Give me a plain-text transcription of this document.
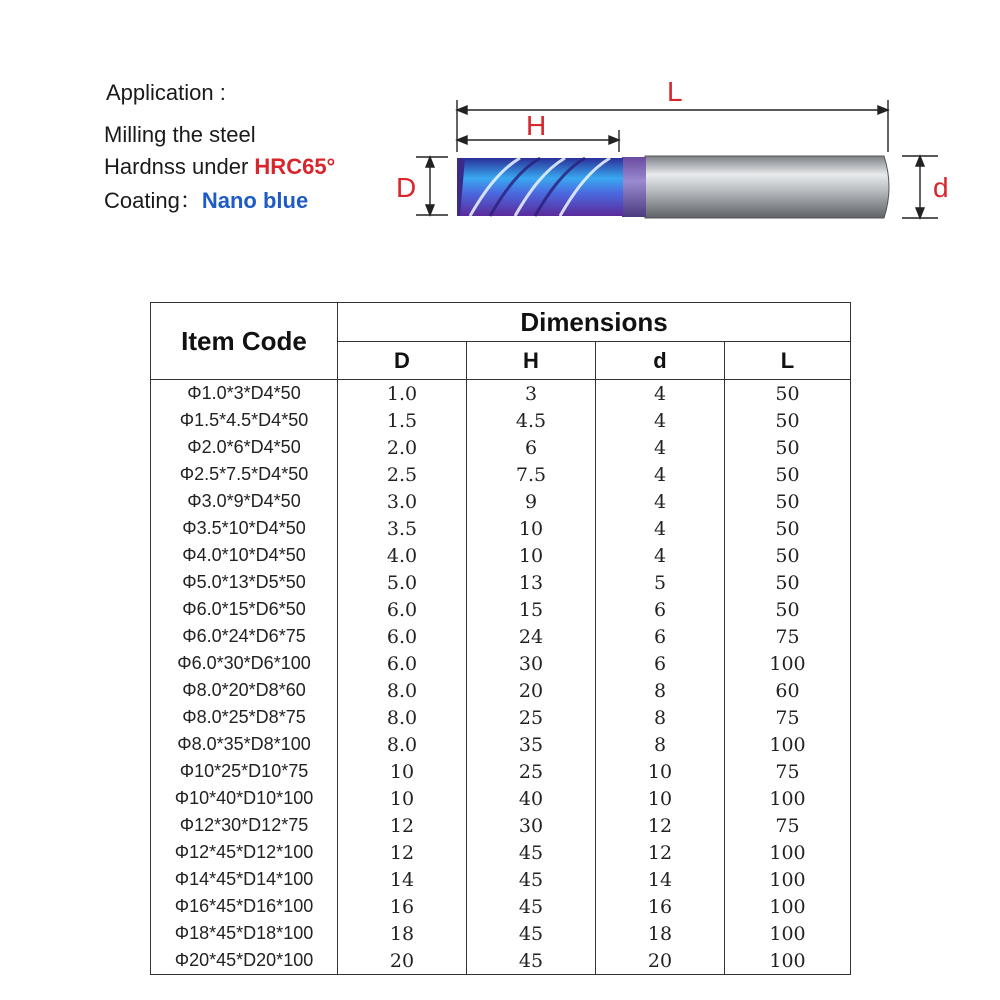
Application :
Milling the steel
Hardnss under HRC65°
Coating：Nano blue
L
H
D	d
Item Code	Dimensions			
	D	H	d	L
Φ1.0*3*D4*50	1.0	3	4	50
Φ1.5*4.5*D4*50	1.5	4.5	4	50
Φ2.0*6*D4*50	2.0	6	4	50
Φ2.5*7.5*D4*50	2.5	7.5	4	50
Φ3.0*9*D4*50	3.0	9	4	50
Φ3.5*10*D4*50	3.5	10	4	50
Φ4.0*10*D4*50	4.0	10	4	50
Φ5.0*13*D5*50	5.0	13	5	50
Φ6.0*15*D6*50	6.0	15	6	50
Φ6.0*24*D6*75	6.0	24	6	75
Φ6.0*30*D6*100	6.0	30	6	100
Φ8.0*20*D8*60	8.0	20	8	60
Φ8.0*25*D8*75	8.0	25	8	75
Φ8.0*35*D8*100	8.0	35	8	100
Φ10*25*D10*75	10	25	10	75
Φ10*40*D10*100	10	40	10	100
Φ12*30*D12*75	12	30	12	75
Φ12*45*D12*100	12	45	12	100
Φ14*45*D14*100	14	45	14	100
Φ16*45*D16*100	16	45	16	100
Φ18*45*D18*100	18	45	18	100
Φ20*45*D20*100	20	45	20	100
